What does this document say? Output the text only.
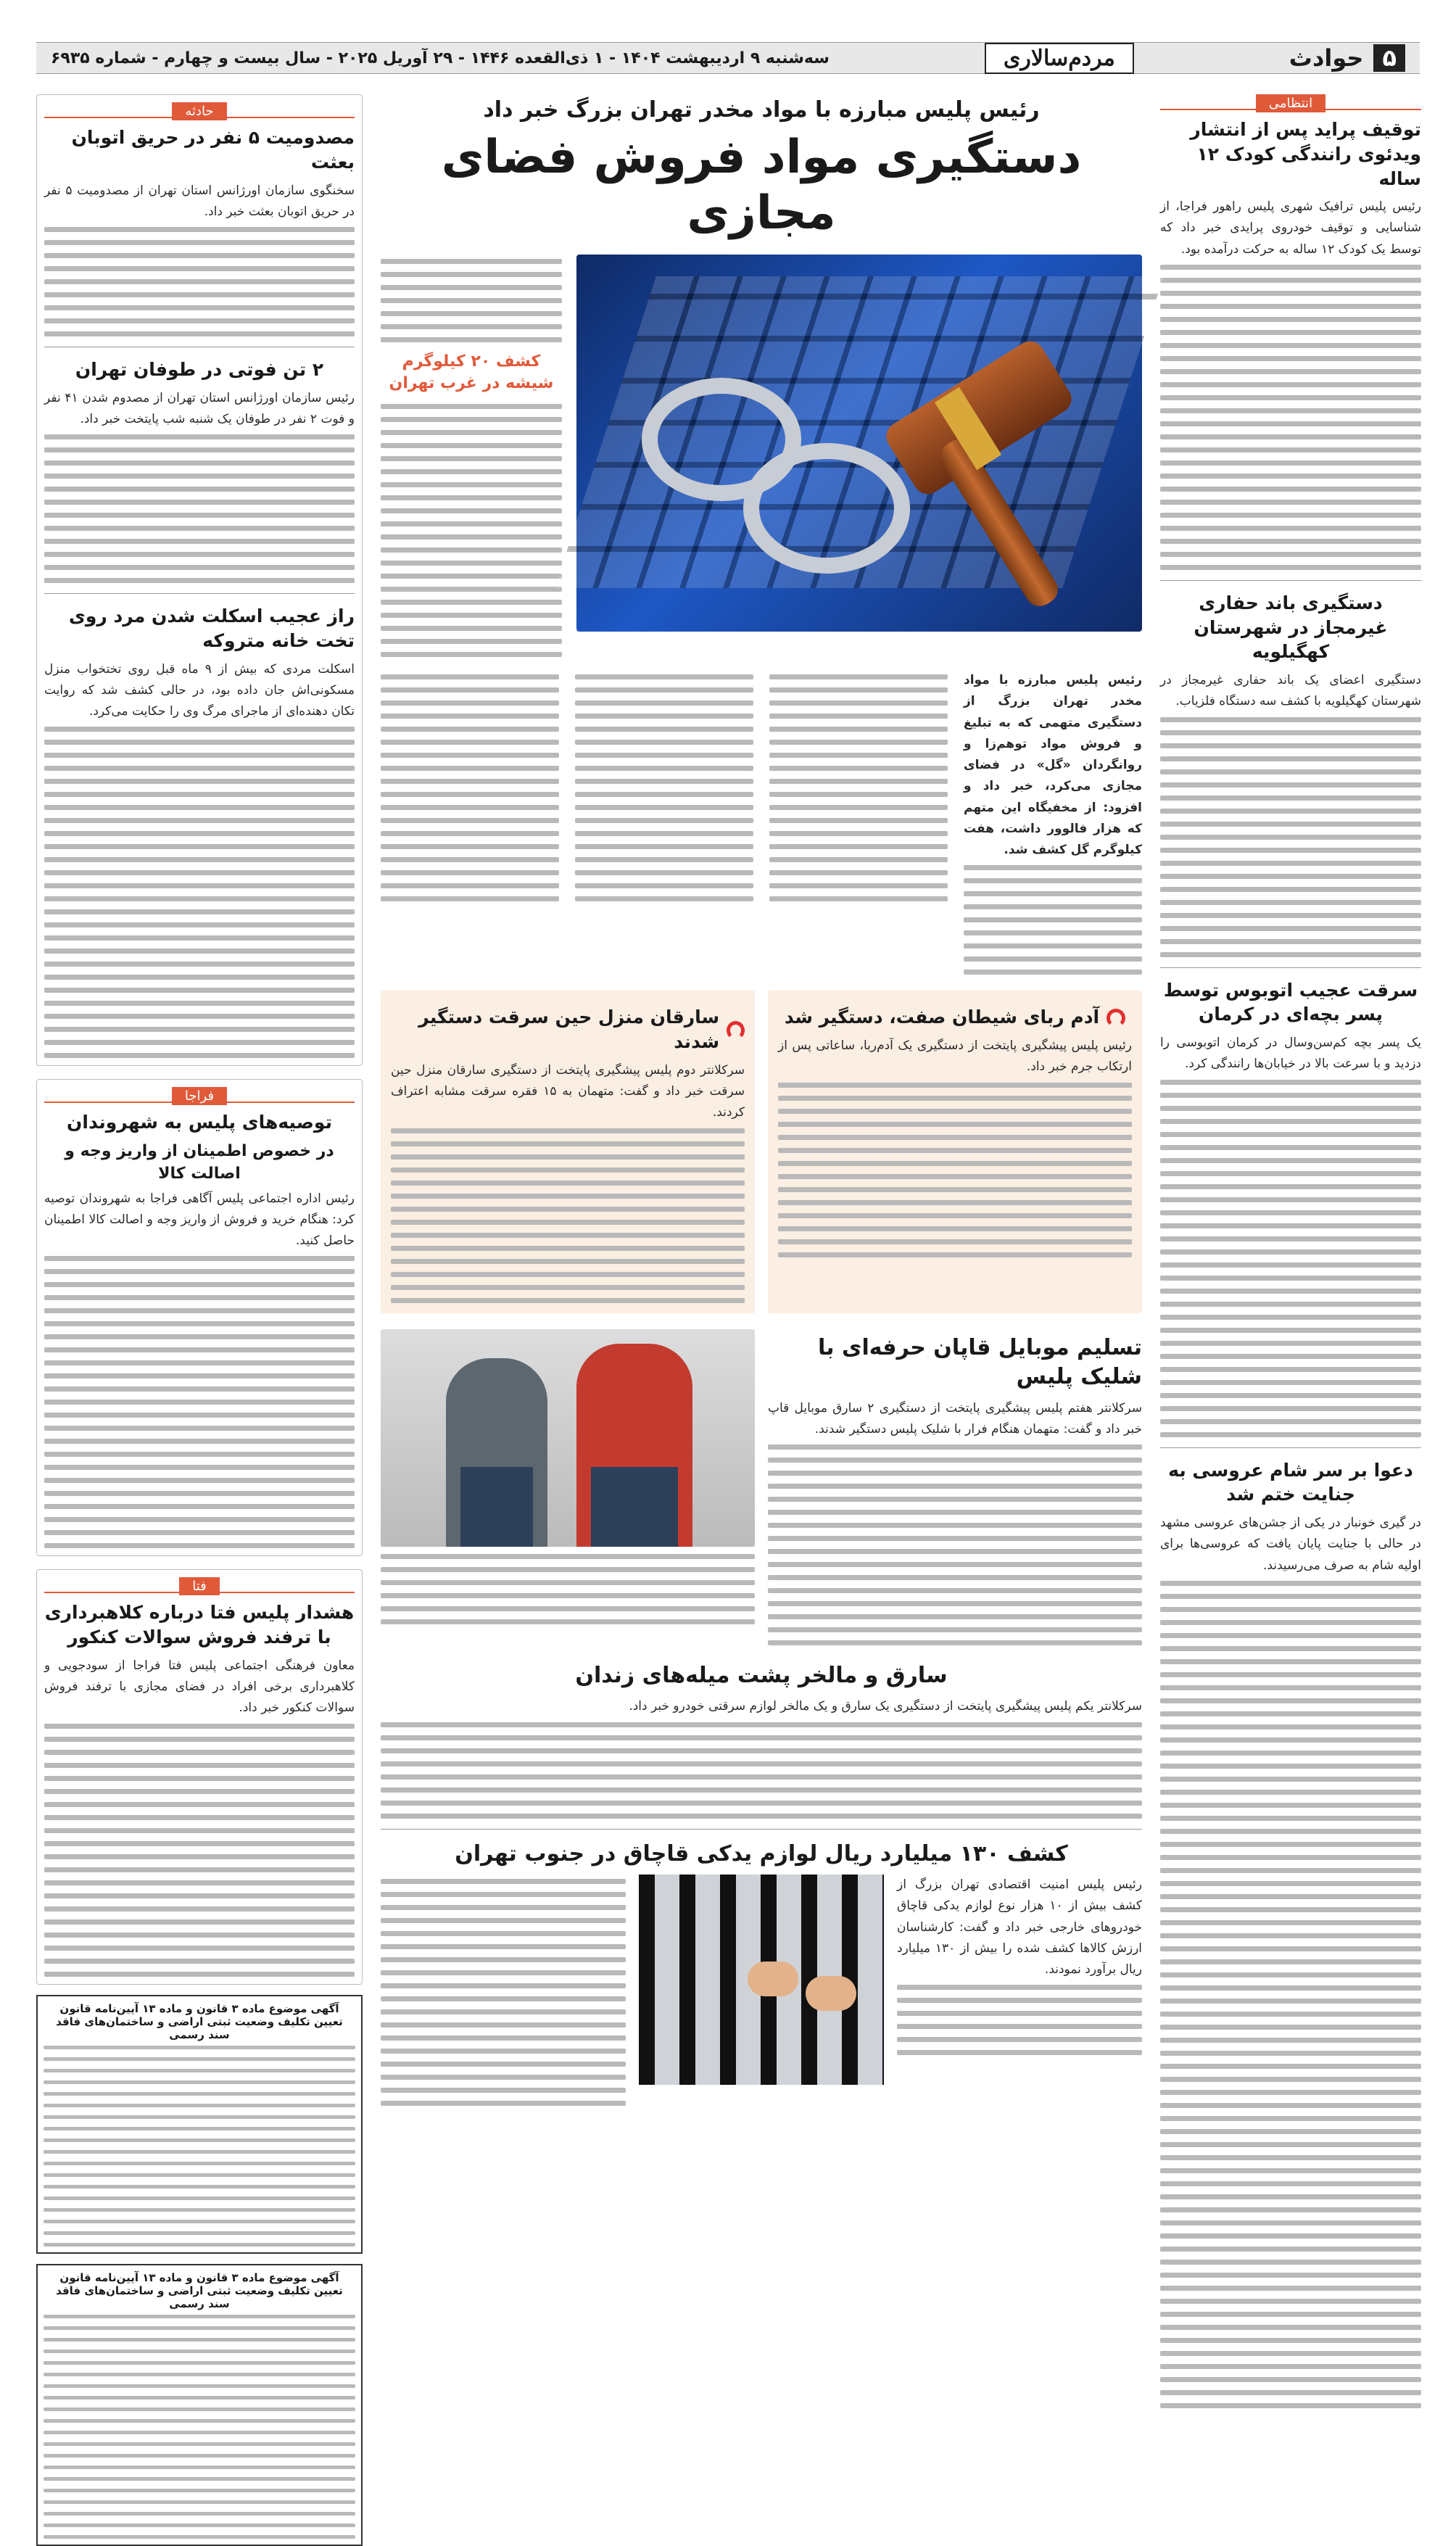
۵
حوادث
مردم‌سالاری
سه‌شنبه ۹ اردیبهشت ۱۴۰۴ - ۱ ذی‌القعده ۱۴۴۶ - ۲۹ آوریل ۲۰۲۵ - سال بیست و چهارم - شماره ۶۹۳۵
انتظامی
توقیف پراید پس از انتشار ویدئوی رانندگی کودک ۱۲ ساله

رئیس پلیس ترافیک شهری پلیس راهور فراجا، از شناسایی و توقیف خودروی پرایدی خبر داد که توسط یک کودک ۱۲ ساله به حرکت درآمده بود.

دستگیری باند حفاری غیرمجاز در شهرستان کهگیلویه

دستگیری اعضای یک باند حفاری غیرمجاز در شهرستان کهگیلویه با کشف سه دستگاه فلزیاب.

سرقت عجیب اتوبوس توسط پسر بچه‌ای در کرمان

یک پسر بچه کم‌سن‌وسال در کرمان اتوبوسی را دزدید و با سرعت بالا در خیابان‌ها رانندگی کرد.

دعوا بر سر شام عروسی به جنایت ختم شد

در گیری خونبار در یکی از جشن‌های عروسی مشهد در حالی با جنایت پایان یافت که عروسی‌ها برای اولیه شام به صرف می‌رسیدند.

حادثه
مصدومیت ۵ نفر در حریق اتوبان بعثت

سخنگوی سازمان اورژانس استان تهران از مصدومیت ۵ نفر در حریق اتوبان بعثت خبر داد.

۲ تن فوتی در طوفان تهران

رئیس سازمان اورژانس استان تهران از مصدوم شدن ۴۱ نفر و فوت ۲ نفر در طوفان یک شنبه شب پایتخت خبر داد.

راز عجیب اسکلت شدن مرد روی تخت خانه متروکه

اسکلت مردی که بیش از ۹ ماه قبل روی تختخواب منزل مسکونی‌اش جان داده بود، در حالی کشف شد که روایت تکان دهنده‌ای از ماجرای مرگ وی را حکایت می‌کرد.

فراجا
توصیه‌های پلیس به شهروندان
در خصوص اطمینان از واریز وجه و اصالت کالا

رئیس اداره اجتماعی پلیس آگاهی فراجا به شهروندان توصیه کرد: هنگام خرید و فروش از واریز وجه و اصالت کالا اطمینان حاصل کنید.

فتا
هشدار پلیس فتا درباره کلاهبرداری با ترفند فروش سوالات کنکور

معاون فرهنگی اجتماعی پلیس فتا فراجا از سودجویی و کلاهبرداری برخی افراد در فضای مجازی با ترفند فروش سوالات کنکور خبر داد.

آگهی موضوع ماده ۳ قانون و ماده ۱۳ آیین‌نامه قانون تعیین تکلیف وضعیت ثبتی اراضی و ساختمان‌های فاقد سند رسمی
آگهی موضوع ماده ۳ قانون و ماده ۱۳ آیین‌نامه قانون تعیین تکلیف وضعیت ثبتی اراضی و ساختمان‌های فاقد سند رسمی
رئیس پلیس مبارزه با مواد مخدر تهران بزرگ خبر داد
دستگیری مواد فروش فضای مجازی
کشف ۲۰ کیلوگرم شیشه در غرب تهران

رئیس پلیس مبارزه با مواد مخدر تهران بزرگ از دستگیری متهمی که به تبلیغ و فروش مواد توهم‌زا و روانگردان «گل» در فضای مجازی می‌کرد، خبر داد و افزود: از مخفیگاه این متهم که هزار فالوور داشت، هفت کیلوگرم گل کشف شد.

آدم ربای شیطان صفت، دستگیر شد

رئیس پلیس پیشگیری پایتخت از دستگیری یک آدم‌ربا، ساعاتی پس از ارتکاب جرم خبر داد.

سارقان منزل حین سرقت دستگیر شدند

سرکلانتر دوم پلیس پیشگیری پایتخت از دستگیری سارقان منزل حین سرقت خبر داد و گفت: متهمان به ۱۵ فقره سرقت مشابه اعتراف کردند.

تسلیم موبایل قاپان حرفه‌ای با شلیک پلیس

سرکلانتر هفتم پلیس پیشگیری پایتخت از دستگیری ۲ سارق موبایل قاپ خبر داد و گفت: متهمان هنگام فرار با شلیک پلیس دستگیر شدند.

سارق و مالخر پشت میله‌های زندان

سرکلانتر یکم پلیس پیشگیری پایتخت از دستگیری یک سارق و یک مالخر لوازم سرقتی خودرو خبر داد.

کشف ۱۳۰ میلیارد ریال لوازم یدکی قاچاق در جنوب تهران

رئیس پلیس امنیت اقتصادی تهران بزرگ از کشف بیش از ۱۰ هزار نوع لوازم یدکی قاچاق خودروهای خارجی خبر داد و گفت: کارشناسان ارزش کالاها کشف شده را بیش از ۱۳۰ میلیارد ریال برآورد نمودند.
